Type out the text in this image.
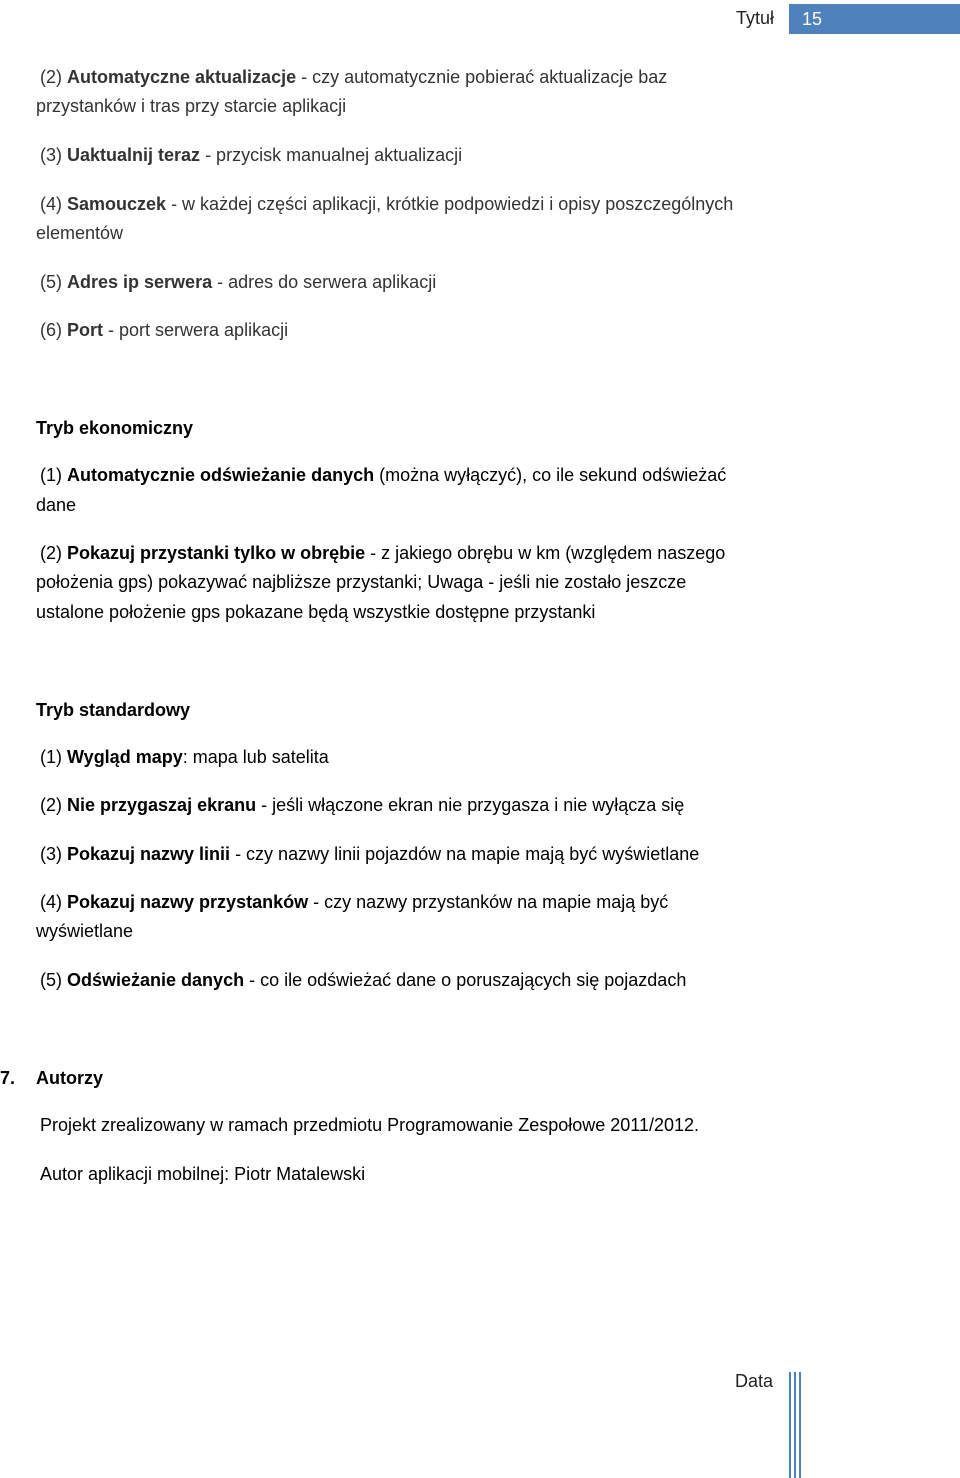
Tytuł 15

(2) Automatyczne aktualizacje - czy automatycznie pobierać aktualizacje baz

przystanków i tras przy starcie aplikacji

(3) Uaktualnij teraz - przycisk manualnej aktualizacji

(4) Samouczek - w każdej części aplikacji, krótkie podpowiedzi i opisy poszczególnych

elementów

(5) Adres ip serwera - adres do serwera aplikacji

(6) Port - port serwera aplikacji

Tryb ekonomiczny

(1) Automatycznie odświeżanie danych (można wyłączyć), co ile sekund odświeżać

dane

(2) Pokazuj przystanki tylko w obrębie - z jakiego obrębu w km (względem naszego

położenia gps) pokazywać najbliższe przystanki; Uwaga - jeśli nie zostało jeszcze

ustalone położenie gps pokazane będą wszystkie dostępne przystanki

Tryb standardowy

(1) Wygląd mapy: mapa lub satelita

(2) Nie przygaszaj ekranu - jeśli włączone ekran nie przygasza i nie wyłącza się

(3) Pokazuj nazwy linii - czy nazwy linii pojazdów na mapie mają być wyświetlane

(4) Pokazuj nazwy przystanków - czy nazwy przystanków na mapie mają być

wyświetlane

(5) Odświeżanie danych - co ile odświeżać dane o poruszających się pojazdach

7. Autorzy

Projekt zrealizowany w ramach przedmiotu Programowanie Zespołowe 2011/2012.

Autor aplikacji mobilnej: Piotr Matalewski

Data
